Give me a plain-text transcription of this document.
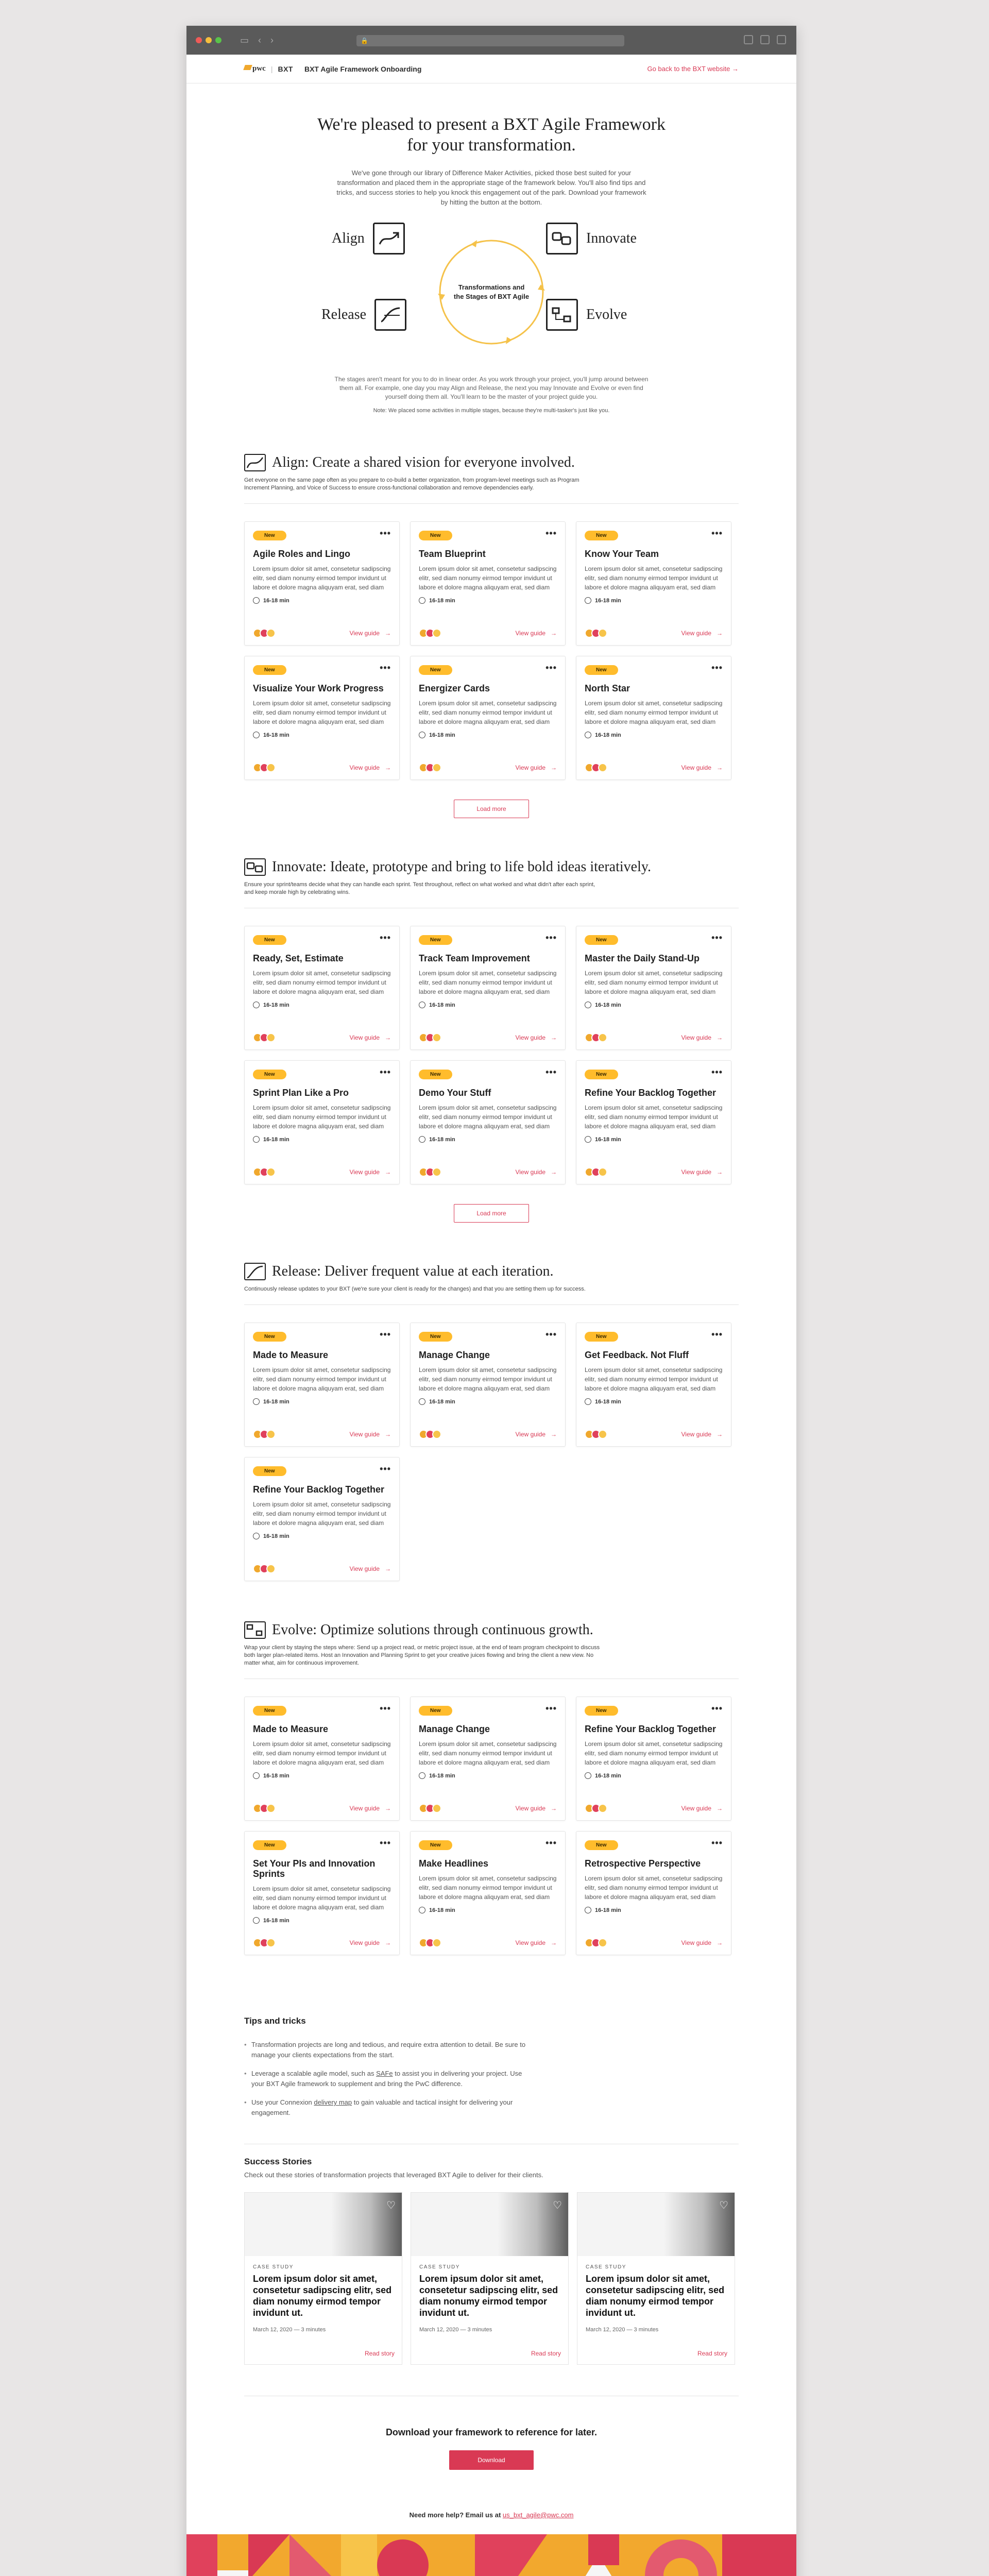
▭ ‹ ›	🔒
pwc | BXT BXT Agile Framework Onboarding	Go back to the BXT website →
We're pleased to present a BXT Agile Framework
for your transformation.

We've gone through our library of Difference Maker Activities, picked those best suited for your transformation and placed them in the appropriate stage of the framework below. You'll also find tips and tricks, and success stories to help you knock this engagement out of the park. Download your framework by hitting the button at the bottom.

Transformations and
the Stages of BXT Agile
Align	Innovate
Release	Evolve

The stages aren't meant for you to do in linear order. As you work through your project, you'll jump around between them all. For example, one day you may Align and Release, the next you may Innovate and Evolve or even find yourself doing them all. You'll learn to be the master of your project guide you.

Note: We placed some activities in multiple stages, because they're multi-tasker's just like you.

Align: Create a shared vision for everyone involved.

Get everyone on the same page often as you prepare to co-build a better organization, from program-level meetings such as Program Increment Planning, and Voice of Success to ensure cross-functional collaboration and remove dependencies early.

New	•••
Agile Roles and Lingo

Lorem ipsum dolor sit amet, consetetur sadipscing elitr, sed diam nonumy eirmod tempor invidunt ut labore et dolore magna aliquyam erat, sed diam

16-18 min
View guide →
New	•••
Team Blueprint

Lorem ipsum dolor sit amet, consetetur sadipscing elitr, sed diam nonumy eirmod tempor invidunt ut labore et dolore magna aliquyam erat, sed diam

16-18 min
View guide →
New	•••
Know Your Team

Lorem ipsum dolor sit amet, consetetur sadipscing elitr, sed diam nonumy eirmod tempor invidunt ut labore et dolore magna aliquyam erat, sed diam

16-18 min
View guide →
New	•••
Visualize Your Work Progress

Lorem ipsum dolor sit amet, consetetur sadipscing elitr, sed diam nonumy eirmod tempor invidunt ut labore et dolore magna aliquyam erat, sed diam

16-18 min
View guide →
New	•••
Energizer Cards

Lorem ipsum dolor sit amet, consetetur sadipscing elitr, sed diam nonumy eirmod tempor invidunt ut labore et dolore magna aliquyam erat, sed diam

16-18 min
View guide →
New	•••
North Star

Lorem ipsum dolor sit amet, consetetur sadipscing elitr, sed diam nonumy eirmod tempor invidunt ut labore et dolore magna aliquyam erat, sed diam

16-18 min
View guide →
Load more
Innovate: Ideate, prototype and bring to life bold ideas iteratively.

Ensure your sprint/teams decide what they can handle each sprint. Test throughout, reflect on what worked and what didn't after each sprint, and keep morale high by celebrating wins.

New	•••
Ready, Set, Estimate

Lorem ipsum dolor sit amet, consetetur sadipscing elitr, sed diam nonumy eirmod tempor invidunt ut labore et dolore magna aliquyam erat, sed diam

16-18 min
View guide →
New	•••
Track Team Improvement

Lorem ipsum dolor sit amet, consetetur sadipscing elitr, sed diam nonumy eirmod tempor invidunt ut labore et dolore magna aliquyam erat, sed diam

16-18 min
View guide →
New	•••
Master the Daily Stand-Up

Lorem ipsum dolor sit amet, consetetur sadipscing elitr, sed diam nonumy eirmod tempor invidunt ut labore et dolore magna aliquyam erat, sed diam

16-18 min
View guide →
New	•••
Sprint Plan Like a Pro

Lorem ipsum dolor sit amet, consetetur sadipscing elitr, sed diam nonumy eirmod tempor invidunt ut labore et dolore magna aliquyam erat, sed diam

16-18 min
View guide →
New	•••
Demo Your Stuff

Lorem ipsum dolor sit amet, consetetur sadipscing elitr, sed diam nonumy eirmod tempor invidunt ut labore et dolore magna aliquyam erat, sed diam

16-18 min
View guide →
New	•••
Refine Your Backlog Together

Lorem ipsum dolor sit amet, consetetur sadipscing elitr, sed diam nonumy eirmod tempor invidunt ut labore et dolore magna aliquyam erat, sed diam

16-18 min
View guide →
Load more
Release: Deliver frequent value at each iteration.

Continuously release updates to your BXT (we're sure your client is ready for the changes) and that you are setting them up for success.

New	•••
Made to Measure

Lorem ipsum dolor sit amet, consetetur sadipscing elitr, sed diam nonumy eirmod tempor invidunt ut labore et dolore magna aliquyam erat, sed diam

16-18 min
View guide →
New	•••
Manage Change

Lorem ipsum dolor sit amet, consetetur sadipscing elitr, sed diam nonumy eirmod tempor invidunt ut labore et dolore magna aliquyam erat, sed diam

16-18 min
View guide →
New	•••
Get Feedback. Not Fluff

Lorem ipsum dolor sit amet, consetetur sadipscing elitr, sed diam nonumy eirmod tempor invidunt ut labore et dolore magna aliquyam erat, sed diam

16-18 min
View guide →
New	•••
Refine Your Backlog Together

Lorem ipsum dolor sit amet, consetetur sadipscing elitr, sed diam nonumy eirmod tempor invidunt ut labore et dolore magna aliquyam erat, sed diam

16-18 min
View guide →
Evolve: Optimize solutions through continuous growth.

Wrap your client by staying the steps where: Send up a project read, or metric project issue, at the end of team program checkpoint to discuss both larger plan-related items. Host an Innovation and Planning Sprint to get your creative juices flowing and bring the client a new view. No matter what, aim for continuous improvement.

New	•••
Made to Measure

Lorem ipsum dolor sit amet, consetetur sadipscing elitr, sed diam nonumy eirmod tempor invidunt ut labore et dolore magna aliquyam erat, sed diam

16-18 min
View guide →
New	•••
Manage Change

Lorem ipsum dolor sit amet, consetetur sadipscing elitr, sed diam nonumy eirmod tempor invidunt ut labore et dolore magna aliquyam erat, sed diam

16-18 min
View guide →
New	•••
Refine Your Backlog Together

Lorem ipsum dolor sit amet, consetetur sadipscing elitr, sed diam nonumy eirmod tempor invidunt ut labore et dolore magna aliquyam erat, sed diam

16-18 min
View guide →
New	•••
Set Your PIs and Innovation Sprints

Lorem ipsum dolor sit amet, consetetur sadipscing elitr, sed diam nonumy eirmod tempor invidunt ut labore et dolore magna aliquyam erat, sed diam

16-18 min
View guide →
New	•••
Make Headlines

Lorem ipsum dolor sit amet, consetetur sadipscing elitr, sed diam nonumy eirmod tempor invidunt ut labore et dolore magna aliquyam erat, sed diam

16-18 min
View guide →
New	•••
Retrospective Perspective

Lorem ipsum dolor sit amet, consetetur sadipscing elitr, sed diam nonumy eirmod tempor invidunt ut labore et dolore magna aliquyam erat, sed diam

16-18 min
View guide →
Tips and tricks
• Transformation projects are long and tedious, and require extra attention to detail. Be sure to manage your clients expectations from the start.
• Leverage a scalable agile model, such as SAFe to assist you in delivering your project. Use your BXT Agile framework to supplement and bring the PwC difference.
• Use your Connexion delivery map to gain valuable and tactical insight for delivering your engagement.
Success Stories

Check out these stories of transformation projects that leveraged BXT Agile to deliver for their clients.

♡
CASE STUDY
Lorem ipsum dolor sit amet, consetetur sadipscing elitr, sed diam nonumy eirmod tempor invidunt ut.
March 12, 2020 — 3 minutes
Read story
♡
CASE STUDY
Lorem ipsum dolor sit amet, consetetur sadipscing elitr, sed diam nonumy eirmod tempor invidunt ut.
March 12, 2020 — 3 minutes
Read story
♡
CASE STUDY
Lorem ipsum dolor sit amet, consetetur sadipscing elitr, sed diam nonumy eirmod tempor invidunt ut.
March 12, 2020 — 3 minutes
Read story
Download your framework to reference for later.
Download
Need more help? Email us at us_bxt_agile@pwc.com
